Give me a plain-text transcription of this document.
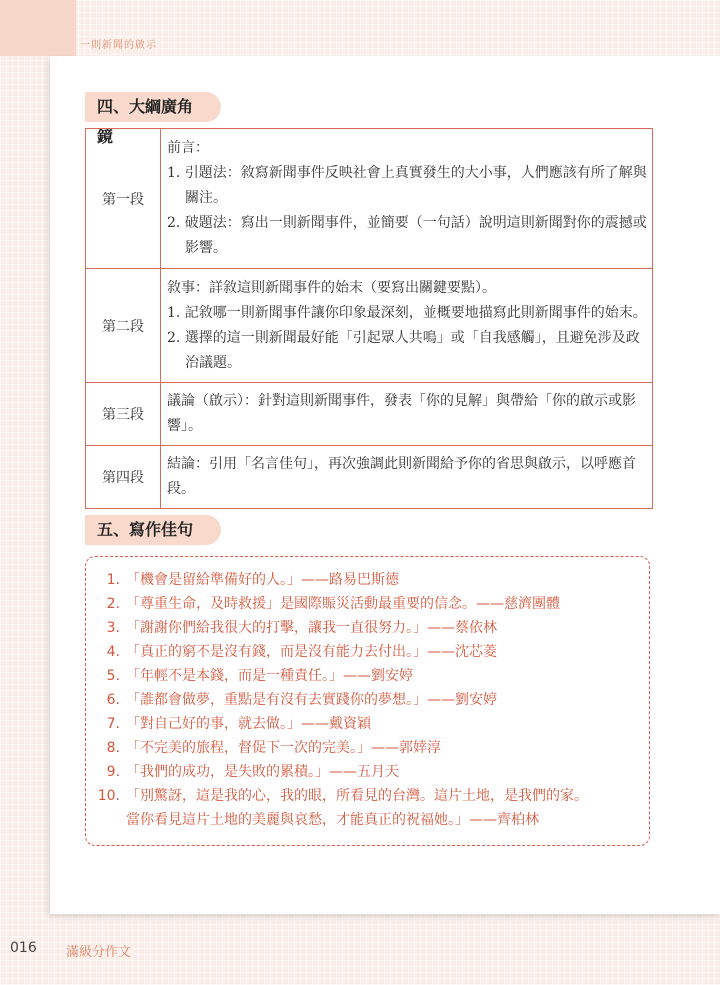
一則新聞的啟示
四、大綱廣角鏡
第一段	前言：
1. 引題法：敘寫新聞事件反映社會上真實發生的大小事，人們應該有所了解與
關注。
2. 破題法：寫出一則新聞事件，並簡要（一句話）說明這則新聞對你的震撼或
影響。

第二段	敘事：詳敘這則新聞事件的始末（要寫出關鍵要點）。
1. 記敘哪一則新聞事件讓你印象最深刻，並概要地描寫此則新聞事件的始末。
2. 選擇的這一則新聞最好能「引起眾人共鳴」或「自我感觸」，且避免涉及政
治議題。

第三段	議論（啟示）：針對這則新聞事件，發表「你的見解」與帶給「你的啟示或影響」。

第四段	結論：引用「名言佳句」，再次強調此則新聞給予你的省思與啟示，以呼應首段。
五、寫作佳句
1. 「機會是留給準備好的人。」——路易巴斯德
2. 「尊重生命，及時救援」是國際賑災活動最重要的信念。——慈濟團體
3. 「謝謝你們給我很大的打擊，讓我一直很努力。」——蔡依林
4. 「真正的窮不是沒有錢，而是沒有能力去付出。」——沈芯菱
5. 「年輕不是本錢，而是一種責任。」——劉安婷
6. 「誰都會做夢，重點是有沒有去實踐你的夢想。」——劉安婷
7. 「對自己好的事，就去做。」——戴資穎
8. 「不完美的旅程，督促下一次的完美。」——郭婞淳
9. 「我們的成功，是失敗的累積。」——五月天
10. 「別驚訝，這是我的心，我的眼，所看見的台灣。這片土地，是我們的家。
當你看見這片土地的美麗與哀愁，才能真正的祝福她。」——齊柏林
016 滿級分作文
